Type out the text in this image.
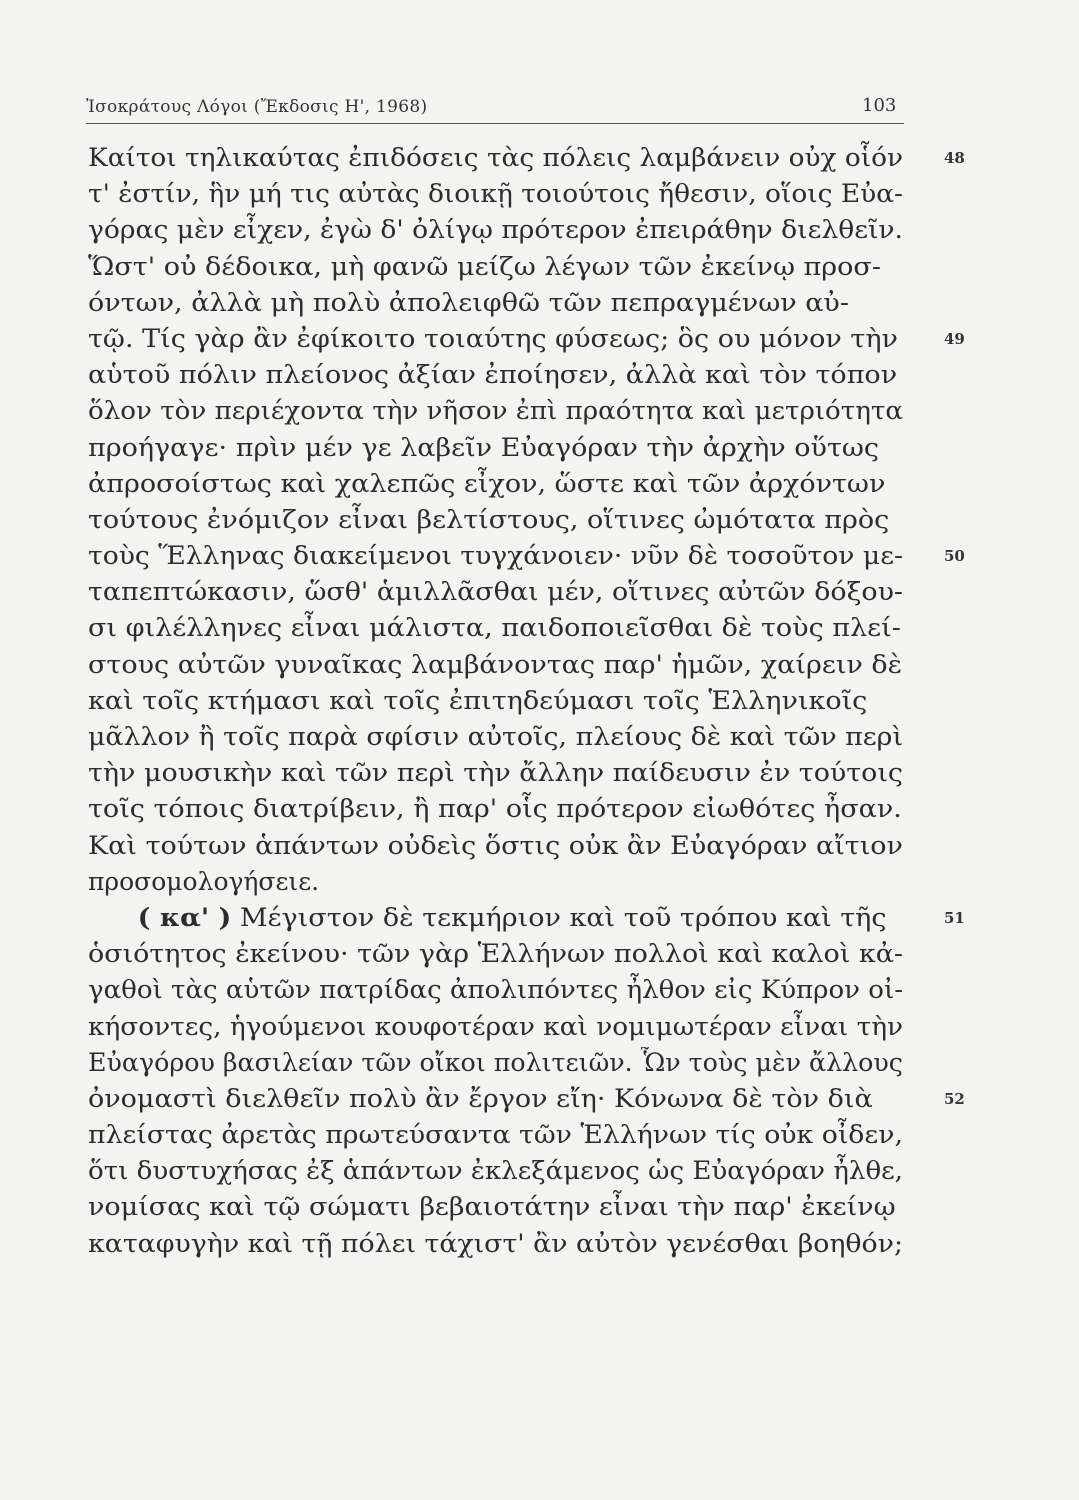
Ἰσοκράτους Λόγοι (Ἔκδοσις Η', 1968)	103
Καίτοι τηλικαύτας ἐπιδόσεις τὰς πόλεις λαμβάνειν οὐχ οἷόν	48
τ' ἐστίν, ἣν μή τις αὐτὰς διοικῇ τοιούτοις ἤθεσιν, οἵοις Εὐα-
γόρας μὲν εἶχεν, ἐγὼ δ' ὀλίγῳ πρότερον ἐπειράθην διελθεῖν.
Ὥστ' οὐ δέδοικα, μὴ φανῶ μείζω λέγων τῶν ἐκείνῳ προσ-
όντων, ἀλλὰ μὴ πολὺ ἀπολειφθῶ τῶν πεπραγμένων αὐ-
τῷ. Τίς γὰρ ἂν ἐφίκοιτο τοιαύτης φύσεως; ὃς ου μόνον τὴν	49
αὑτοῦ πόλιν πλείονος ἀξίαν ἐποίησεν, ἀλλὰ καὶ τὸν τόπον
ὅλον τὸν περιέχοντα τὴν νῆσον ἐπὶ πραότητα καὶ μετριότητα
προήγαγε· πρὶν μέν γε λαβεῖν Εὐαγόραν τὴν ἀρχὴν οὕτως
ἀπροσοίστως καὶ χαλεπῶς εἶχον, ὥστε καὶ τῶν ἀρχόντων
τούτους ἐνόμιζον εἶναι βελτίστους, οἵτινες ὠμότατα πρὸς
τοὺς Ἕλληνας διακείμενοι τυγχάνοιεν· νῦν δὲ τοσοῦτον με-	50
ταπεπτώκασιν, ὥσθ' ἁμιλλᾶσθαι μέν, οἵτινες αὐτῶν δόξου-
σι φιλέλληνες εἶναι μάλιστα, παιδοποιεῖσθαι δὲ τοὺς πλεί-
στους αὐτῶν γυναῖκας λαμβάνοντας παρ' ἡμῶν, χαίρειν δὲ
καὶ τοῖς κτήμασι καὶ τοῖς ἐπιτηδεύμασι τοῖς Ἑλληνικοῖς
μᾶλλον ἢ τοῖς παρὰ σφίσιν αὐτοῖς, πλείους δὲ καὶ τῶν περὶ
τὴν μουσικὴν καὶ τῶν περὶ τὴν ἄλλην παίδευσιν ἐν τούτοις
τοῖς τόποις διατρίβειν, ἢ παρ' οἷς πρότερον εἰωθότες ἦσαν.
Καὶ τούτων ἁπάντων οὐδεὶς ὅστις οὐκ ἂν Εὐαγόραν αἴτιον
προσομολογήσειε.
( κα' ) Μέγιστον δὲ τεκμήριον καὶ τοῦ τρόπου καὶ τῆς	51
ὁσιότητος ἐκείνου· τῶν γὰρ Ἑλλήνων πολλοὶ καὶ καλοὶ κἀ-
γαθοὶ τὰς αὑτῶν πατρίδας ἀπολιπόντες ἦλθον εἰς Κύπρον οἰ-
κήσοντες, ἡγούμενοι κουφοτέραν καὶ νομιμωτέραν εἶναι τὴν
Εὐαγόρου βασιλείαν τῶν οἴκοι πολιτειῶν. Ὧν τοὺς μὲν ἄλλους
ὀνομαστὶ διελθεῖν πολὺ ἂν ἔργον εἴη· Κόνωνα δὲ τὸν διὰ	52
πλείστας ἀρετὰς πρωτεύσαντα τῶν Ἑλλήνων τίς οὐκ οἶδεν,
ὅτι δυστυχήσας ἐξ ἁπάντων ἐκλεξάμενος ὡς Εὐαγόραν ἦλθε,
νομίσας καὶ τῷ σώματι βεβαιοτάτην εἶναι τὴν παρ' ἐκείνῳ
καταφυγὴν καὶ τῇ πόλει τάχιστ' ἂν αὐτὸν γενέσθαι βοηθόν;
